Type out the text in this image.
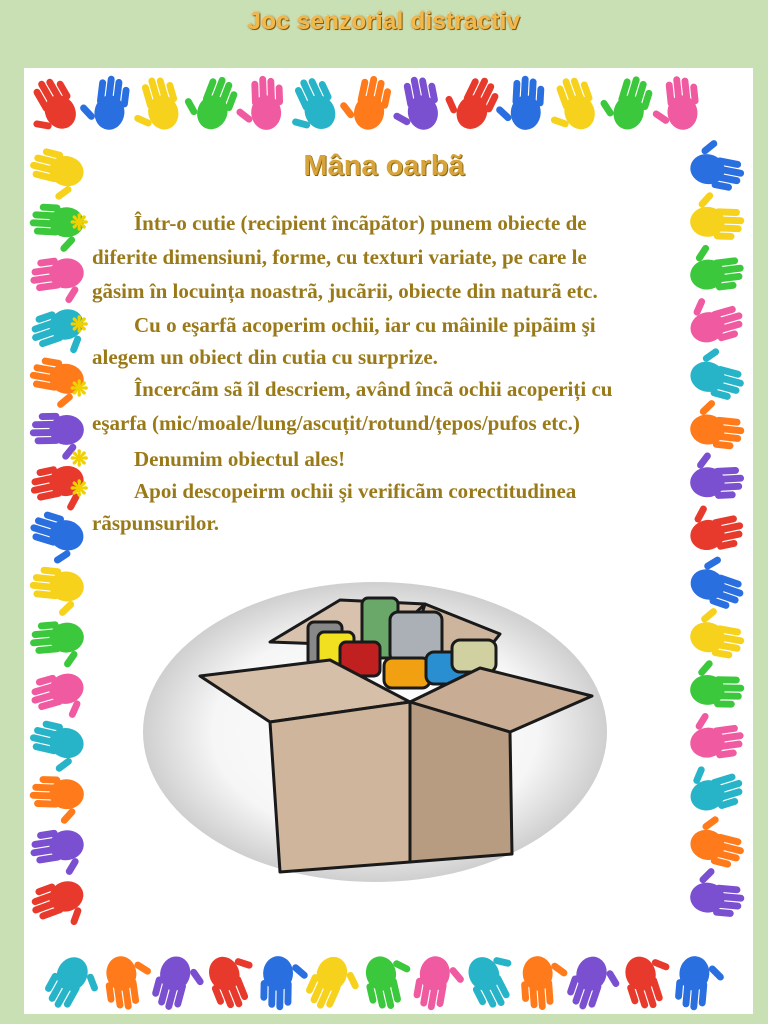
Joc senzorial distractiv
Mâna oarbã
❋
❋
❋
❋
❋
Într-o cutie (recipient încãpãtor) punem obiecte de
diferite dimensiuni, forme, cu texturi variate, pe care le
gãsim în locuința noastrã, jucãrii, obiecte din naturã etc.
Cu o eşarfã acoperim ochii, iar cu mâinile pipãim şi
alegem un obiect din cutia cu surprize.
Încercãm sã îl descriem, având încã ochii acoperiți cu
eşarfa (mic/moale/lung/ascuțit/rotund/țepos/pufos etc.)
Denumim obiectul ales!
Apoi descopeirm ochii şi verificãm corectitudinea
rãspunsurilor.
